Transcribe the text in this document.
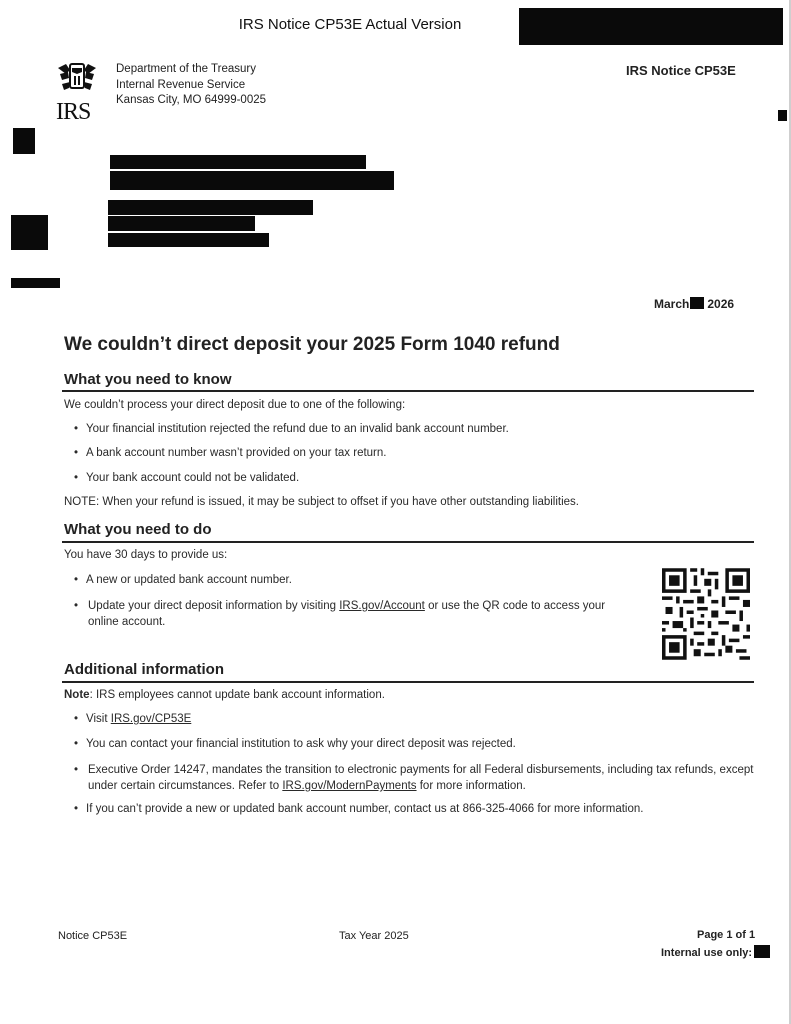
IRS Notice CP53E Actual Version
IRS
Department of the Treasury
Internal Revenue Service
Kansas City, MO 64999-0025
IRS Notice CP53E
March 2026
We couldn’t direct deposit your 2025 Form 1040 refund
What you need to know
We couldn’t process your direct deposit due to one of the following:
• Your financial institution rejected the refund due to an invalid bank account number.
• A bank account number wasn’t provided on your tax return.
• Your bank account could not be validated.
NOTE: When your refund is issued, it may be subject to offset if you have other outstanding liabilities.
What you need to do
You have 30 days to provide us:
• A new or updated bank account number.
• Update your direct deposit information by visiting IRS.gov/Account or use the QR code to access your online account.
Additional information
Note: IRS employees cannot update bank account information.
• Visit IRS.gov/CP53E
• You can contact your financial institution to ask why your direct deposit was rejected.
• Executive Order 14247, mandates the transition to electronic payments for all Federal disbursements, including tax refunds, except under certain circumstances. Refer to IRS.gov/ModernPayments for more information.
• If you can’t provide a new or updated bank account number, contact us at 866-325-4066 for more information.
Notice CP53E	Tax Year 2025	Page 1 of 1
Internal use only:
